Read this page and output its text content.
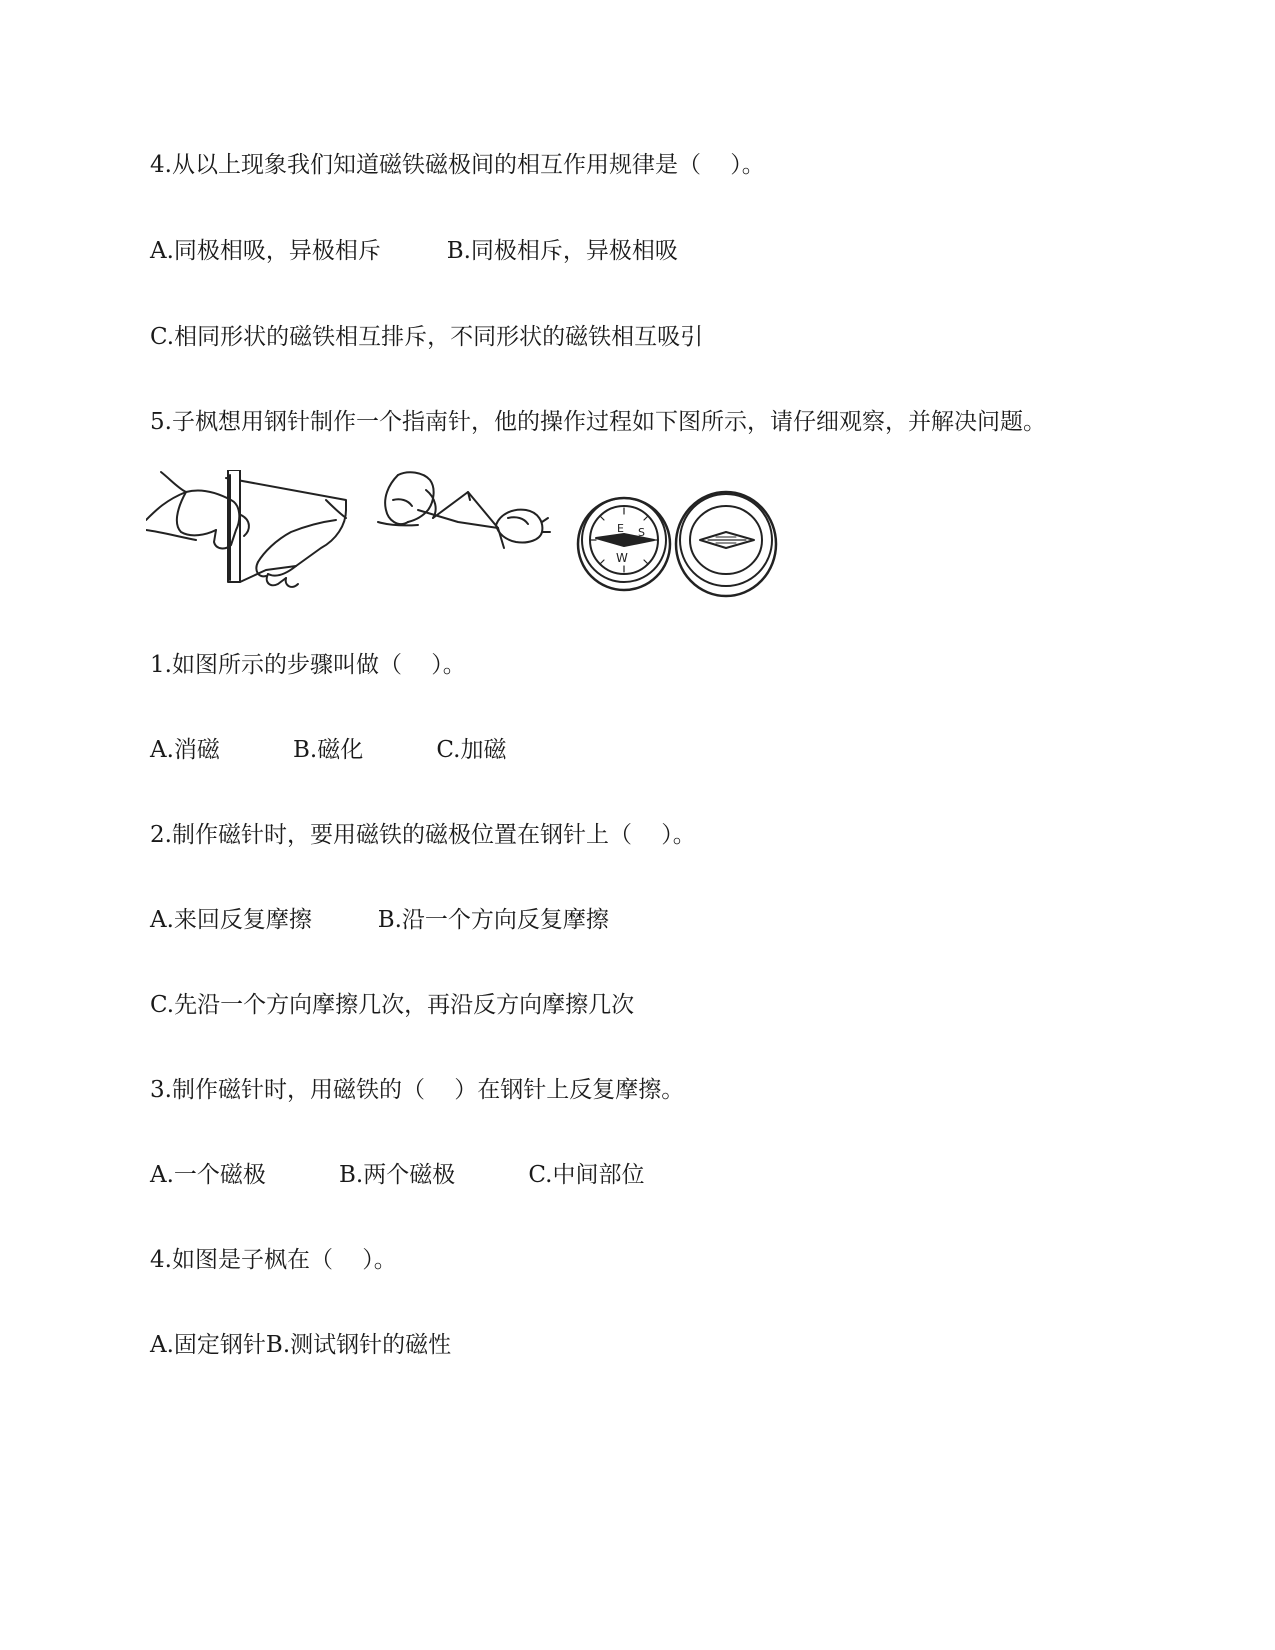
4.从以上现象我们知道磁铁磁极间的相互作用规律是（    ）。
A.同极相吸，异极相斥         B.同极相斥，异极相吸
C.相同形状的磁铁相互排斥，不同形状的磁铁相互吸引
5.子枫想用钢针制作一个指南针，他的操作过程如下图所示，请仔细观察，并解决问题。
E S
W
1.如图所示的步骤叫做（    ）。
A.消磁          B.磁化          C.加磁
2.制作磁针时，要用磁铁的磁极位置在钢针上（    ）。
A.来回反复摩擦         B.沿一个方向反复摩擦
C.先沿一个方向摩擦几次，再沿反方向摩擦几次
3.制作磁针时，用磁铁的（    ）在钢针上反复摩擦。
A.一个磁极          B.两个磁极          C.中间部位
4.如图是子枫在（    ）。
A.固定钢针B.测试钢针的磁性
